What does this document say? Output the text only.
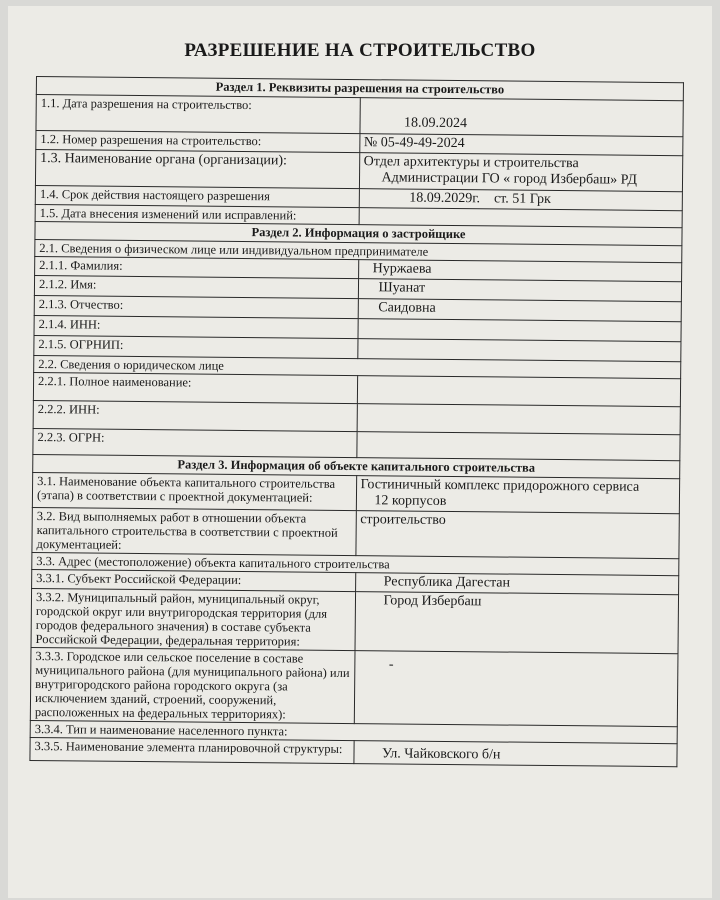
РАЗРЕШЕНИЕ НА СТРОИТЕЛЬСТВО
Раздел 1. Реквизиты разрешения на строительство	
1.1. Дата разрешения на строительство:	18.09.2024

1.2. Номер разрешения на строительство:	№ 05-49-49-2024
1.3. Наименование органа (организации):	Отдел архитектуры и строительства
Администрации ГО « город Избербаш» РД

1.4. Срок действия настоящего разрешения	18.09.2029г.    ст. 51 Грк
1.5. Дата внесения изменений или исправлений:	
Раздел 2. Информация о застройщике	
2.1. Сведения о физическом лице или индивидуальном предпринимателе	
2.1.1. Фамилия:	Нуржаева
2.1.2. Имя:	Шуанат
2.1.3. Отчество:	Саидовна
2.1.4. ИНН:	
2.1.5. ОГРНИП:	
2.2. Сведения о юридическом лице	
2.2.1. Полное наименование:	
2.2.2. ИНН:	
2.2.3. ОГРН:	
Раздел 3. Информация об объекте капитального строительства	
3.1. Наименование объекта капитального строительства (этапа) в соответствии с проектной документацией:	Гостиничный комплекс придорожного сервиса
12 корпусов

3.2. Вид выполняемых работ в отношении объекта капитального строительства в соответствии с проектной документацией:	строительство
3.3. Адрес (местоположение) объекта капитального строительства	
3.3.1. Субъект Российской Федерации:	Республика Дагестан
3.3.2. Муниципальный район, муниципальный округ, городской округ или внутригородская территория (для городов федерального значения) в составе субъекта Российской Федерации, федеральная территория:	Город Избербаш
3.3.3. Городское или сельское поселение в составе муниципального района (для муниципального района) или внутригородского района городского округа (за исключением зданий, строений, сооружений, расположенных на федеральных территориях):	-
3.3.4. Тип и наименование населенного пункта:	
3.3.5. Наименование элемента планировочной структуры:	Ул. Чайковского б/н
